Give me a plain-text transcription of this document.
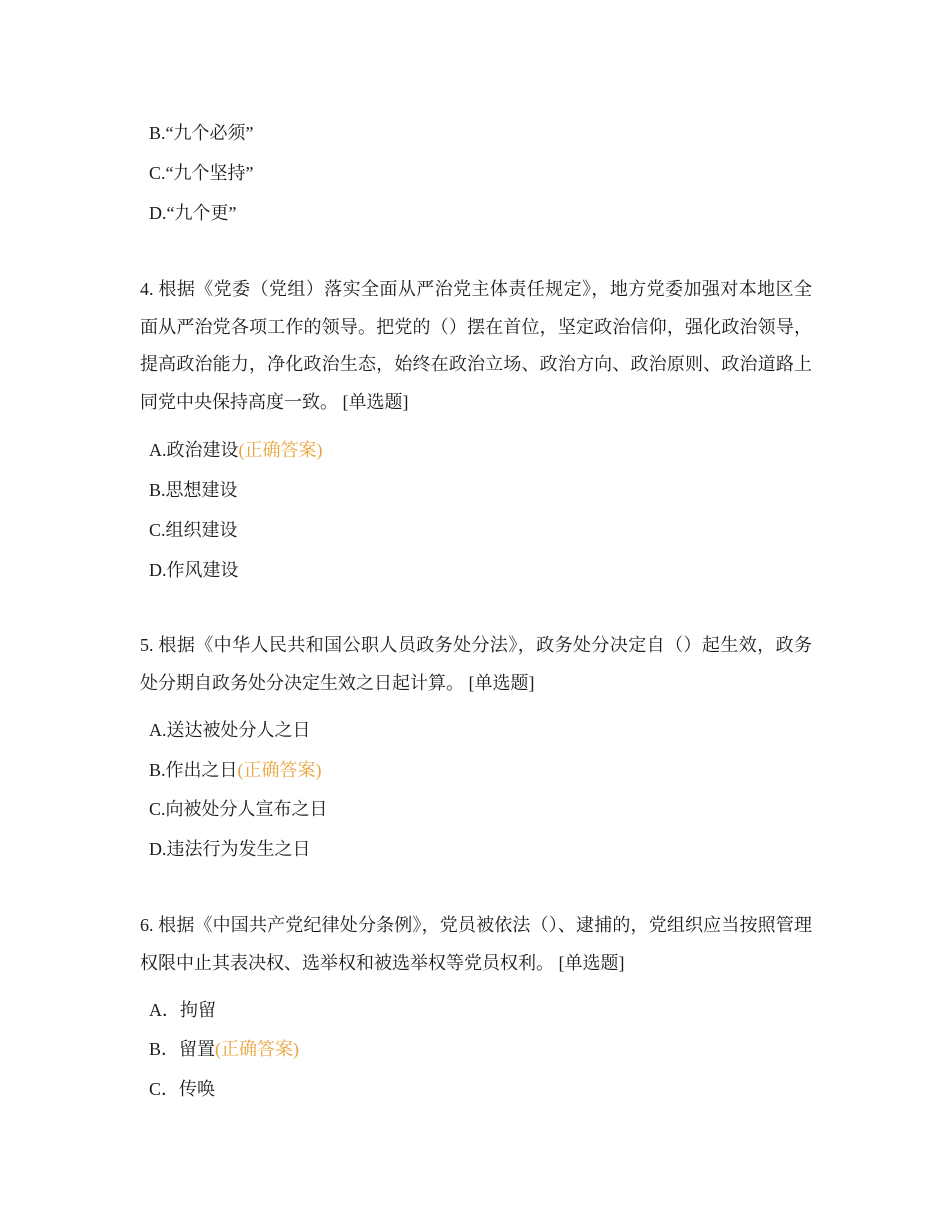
B.“九个必须”
C.“九个坚持”
D.“九个更”
4. 根据《党委（党组）落实全面从严治党主体责任规定》，地方党委加强对本地区全面从严治党各项工作的领导。把党的（）摆在首位，坚定政治信仰，强化政治领导，提高政治能力，净化政治生态，始终在政治立场、政治方向、政治原则、政治道路上同党中央保持高度一致。 [单选题]
A.政治建设(正确答案)
B.思想建设
C.组织建设
D.作风建设
5. 根据《中华人民共和国公职人员政务处分法》，政务处分决定自（）起生效，政务处分期自政务处分决定生效之日起计算。 [单选题]
A.送达被处分人之日
B.作出之日(正确答案)
C.向被处分人宣布之日
D.违法行为发生之日
6. 根据《中国共产党纪律处分条例》，党员被依法（）、逮捕的，党组织应当按照管理权限中止其表决权、选举权和被选举权等党员权利。 [单选题]
A．拘留
B．留置(正确答案)
C．传唤
